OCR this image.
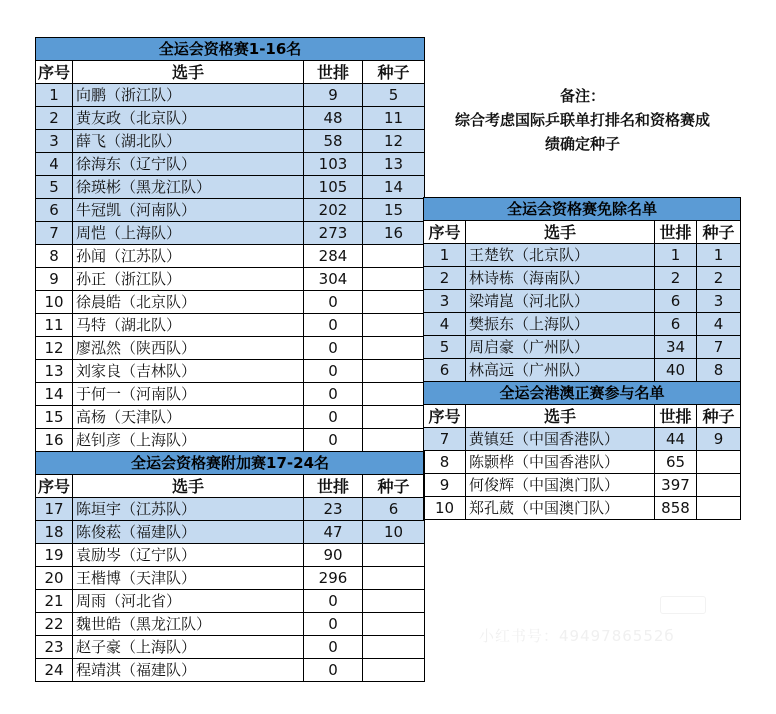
全运会资格赛1-16名			
序号	选手	世排	种子
1	向鹏（浙江队）	9	5
2	黄友政（北京队）	48	11
3	薛飞（湖北队）	58	12
4	徐海东（辽宁队）	103	13
5	徐瑛彬（黑龙江队）	105	14
6	牛冠凯（河南队）	202	15
7	周恺（上海队）	273	16
8	孙闻（江苏队）	284	
9	孙正（浙江队）	304	
10	徐晨皓（北京队）	0	
11	马特（湖北队）	0	
12	廖泓然（陕西队）	0	
13	刘家良（吉林队）	0	
14	于何一（河南队）	0	
15	高杨（天津队）	0	
16	赵钊彦（上海队）	0	
全运会资格赛附加赛17-24名			
序号	选手	世排	种子
17	陈垣宇（江苏队）	23	6
18	陈俊菘（福建队）	47	10
19	袁励岑（辽宁队）	90	
20	王楷博（天津队）	296	
21	周雨（河北省）	0	
22	魏世皓（黑龙江队）	0	
23	赵子豪（上海队）	0	
24	程靖淇（福建队）	0	
备注：
综合考虑国际乒联单打排名和资格赛成
绩确定种子
全运会资格赛免除名单			
序号	选手	世排	种子
1	王楚钦（北京队）	1	1
2	林诗栋（海南队）	2	2
3	梁靖崑（河北队）	6	3
4	樊振东（上海队）	6	4
5	周启豪（广州队）	34	7
6	林高远（广州队）	40	8
全运会港澳正赛参与名单			
序号	选手	世排	种子
7	黄镇廷（中国香港队）	44	9
8	陈颢桦（中国香港队）	65	
9	何俊辉（中国澳门队）	397	
10	郑孔葳（中国澳门队）	858	
小红书号：4949786552б
